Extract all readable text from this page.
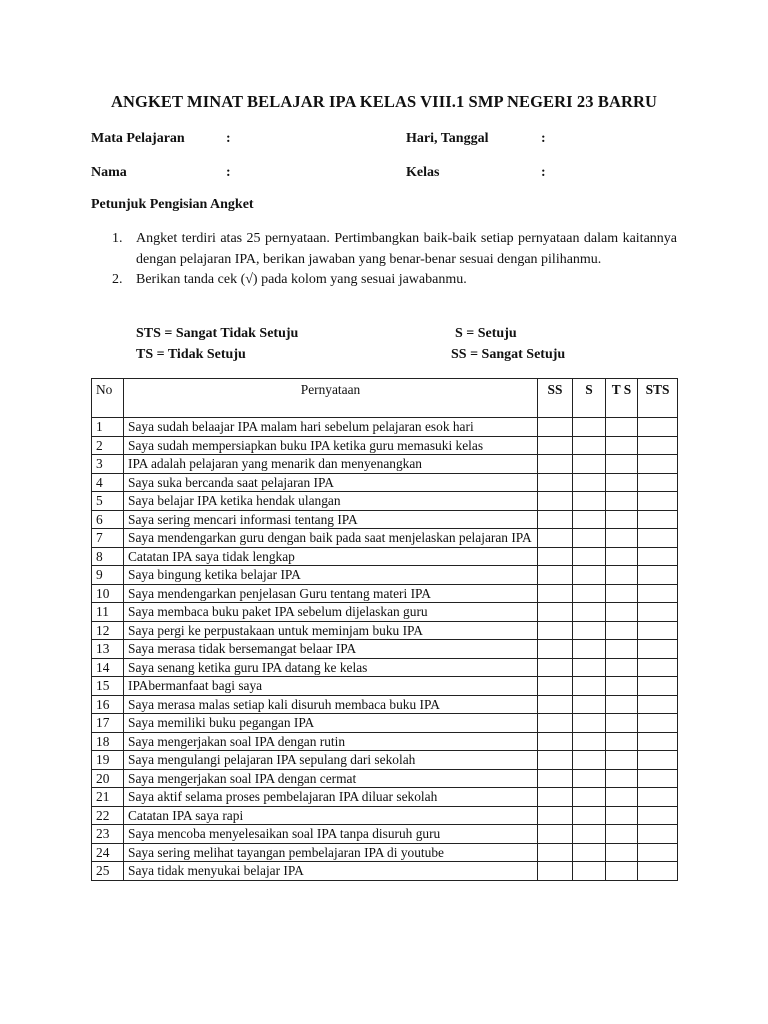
ANGKET MINAT BELAJAR IPA KELAS VIII.1 SMP NEGERI 23 BARRU
Mata Pelajaran	:	Hari, Tanggal	:
Nama	:	Kelas	:
Petunjuk Pengisian Angket
1. Angket terdiri atas 25 pernyataan. Pertimbangkan baik-baik setiap pernyataan dalam kaitannya dengan pelajaran IPA, berikan jawaban yang benar-benar sesuai dengan pilihanmu.
2. Berikan tanda cek (√) pada kolom yang sesuai jawabanmu.
STS = Sangat Tidak Setuju	S = Setuju
TS = Tidak Setuju	SS = Sangat Setuju
No	Pernyataan	SS	S	T S	STS
1	Saya sudah belaajar IPA malam hari sebelum pelajaran esok hari				
2	Saya sudah mempersiapkan buku IPA ketika guru memasuki kelas				
3	IPA adalah pelajaran yang menarik dan menyenangkan				
4	Saya suka bercanda saat pelajaran IPA				
5	Saya belajar IPA ketika hendak ulangan				
6	Saya sering mencari informasi tentang IPA				
7	Saya mendengarkan guru dengan baik pada saat menjelaskan pelajaran IPA				
8	Catatan IPA saya tidak lengkap				
9	Saya bingung ketika belajar IPA				
10	Saya mendengarkan penjelasan Guru tentang materi IPA				
11	Saya membaca buku paket IPA sebelum dijelaskan guru				
12	Saya pergi ke perpustakaan untuk meminjam buku IPA				
13	Saya merasa tidak bersemangat belaar IPA				
14	Saya senang ketika guru IPA datang ke kelas				
15	IPAbermanfaat bagi saya				
16	Saya merasa malas setiap kali disuruh membaca buku IPA				
17	Saya memiliki buku pegangan IPA				
18	Saya mengerjakan soal IPA dengan rutin				
19	Saya mengulangi pelajaran IPA sepulang dari sekolah				
20	Saya mengerjakan soal IPA dengan cermat				
21	Saya aktif selama proses pembelajaran IPA diluar sekolah				
22	Catatan IPA saya rapi				
23	Saya mencoba menyelesaikan soal IPA tanpa disuruh guru				
24	Saya sering melihat tayangan pembelajaran IPA di youtube				
25	Saya tidak menyukai belajar IPA				
